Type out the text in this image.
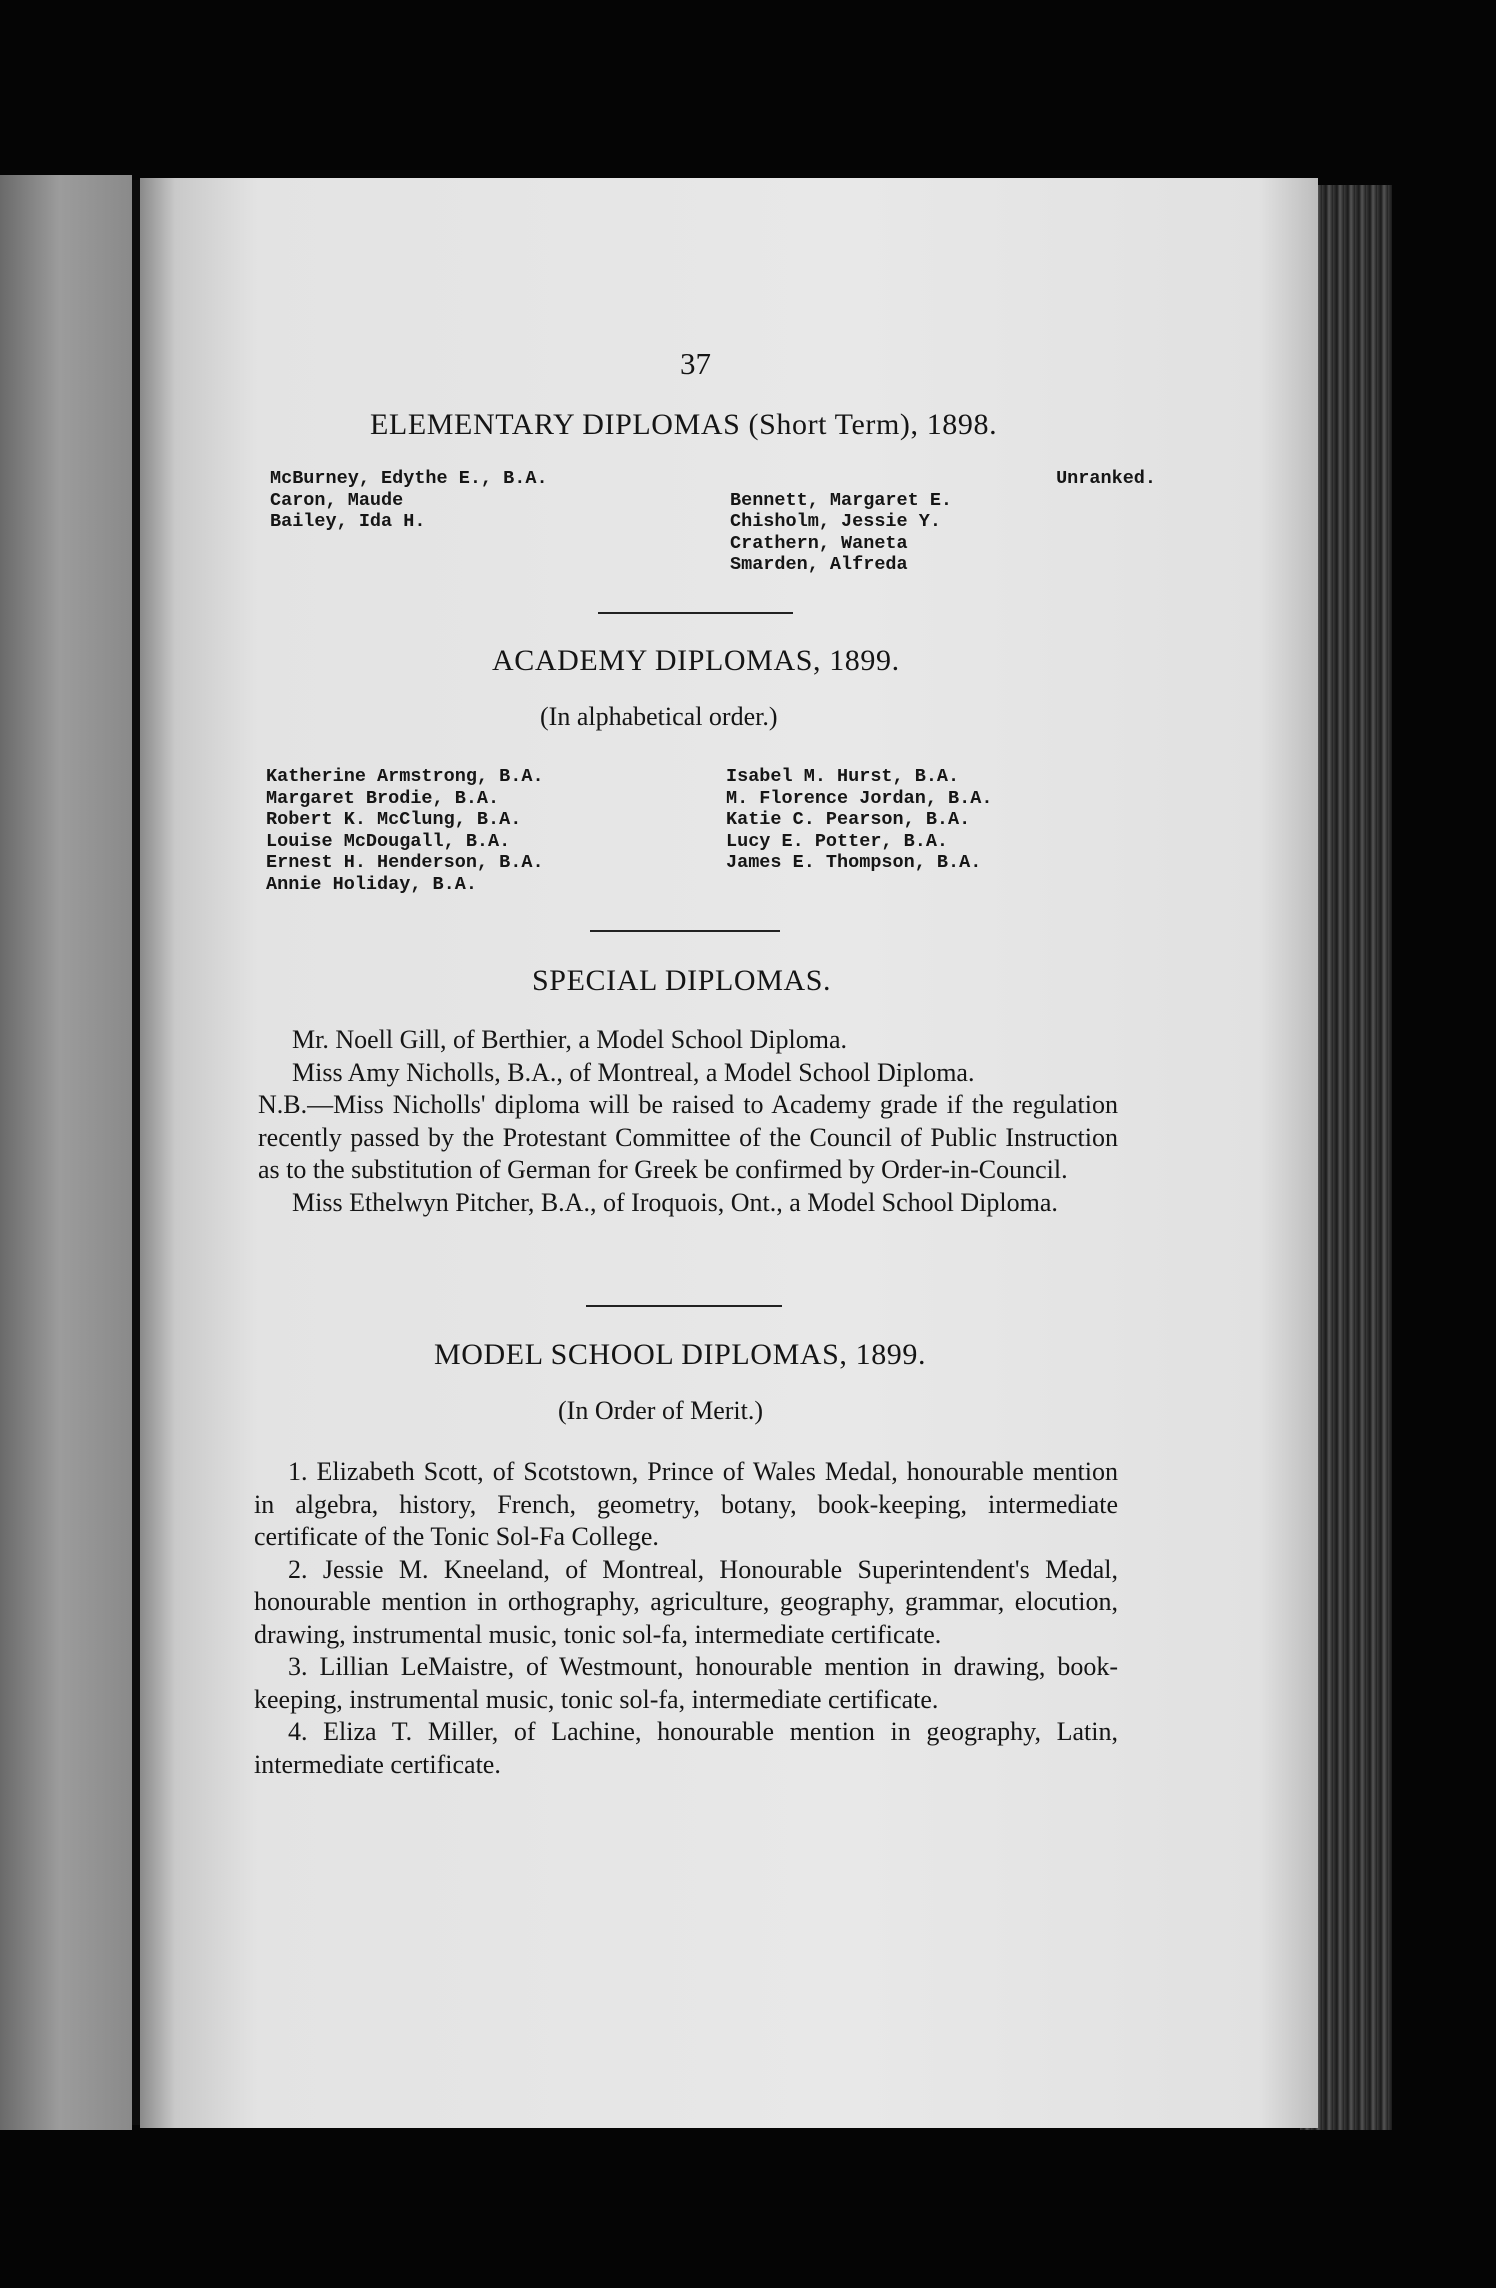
37
ELEMENTARY DIPLOMAS (Short Term), 1898.
McBurney, Edythe E., B.A.
Caron, Maude
Bailey, Ida H.
Unranked.
Bennett, Margaret E.
Chisholm, Jessie Y.
Crathern, Waneta
Smarden, Alfreda
ACADEMY DIPLOMAS, 1899.
(In alphabetical order.)
Katherine Armstrong, B.A.
Margaret Brodie, B.A.
Robert K. McClung, B.A.
Louise McDougall, B.A.
Ernest H. Henderson, B.A.
Annie Holiday, B.A.
Isabel M. Hurst, B.A.
M. Florence Jordan, B.A.
Katie C. Pearson, B.A.
Lucy E. Potter, B.A.
James E. Thompson, B.A.
SPECIAL DIPLOMAS.

Mr. Noell Gill, of Berthier, a Model School Diploma.

Miss Amy Nicholls, B.A., of Montreal, a Model School Diploma.

N.B.—Miss Nicholls' diploma will be raised to Academy grade if the regulation recently passed by the Protestant Committee of the Council of Public Instruction as to the substitution of German for Greek be confirmed by Order-in-Council.

Miss Ethelwyn Pitcher, B.A., of Iroquois, Ont., a Model School Diploma.

MODEL SCHOOL DIPLOMAS, 1899.
(In Order of Merit.)

1. Elizabeth Scott, of Scotstown, Prince of Wales Medal, honourable mention in algebra, history, French, geometry, botany, book-keeping, intermediate certificate of the Tonic Sol-Fa College.

2. Jessie M. Kneeland, of Montreal, Honourable Superintendent's Medal, honourable mention in orthography, agriculture, geography, grammar, elocution, drawing, instrumental music, tonic sol-fa, intermediate certificate.

3. Lillian LeMaistre, of Westmount, honourable mention in drawing, book-keeping, instrumental music, tonic sol-fa, intermediate certificate.

4. Eliza T. Miller, of Lachine, honourable mention in geography, Latin, intermediate certificate.
